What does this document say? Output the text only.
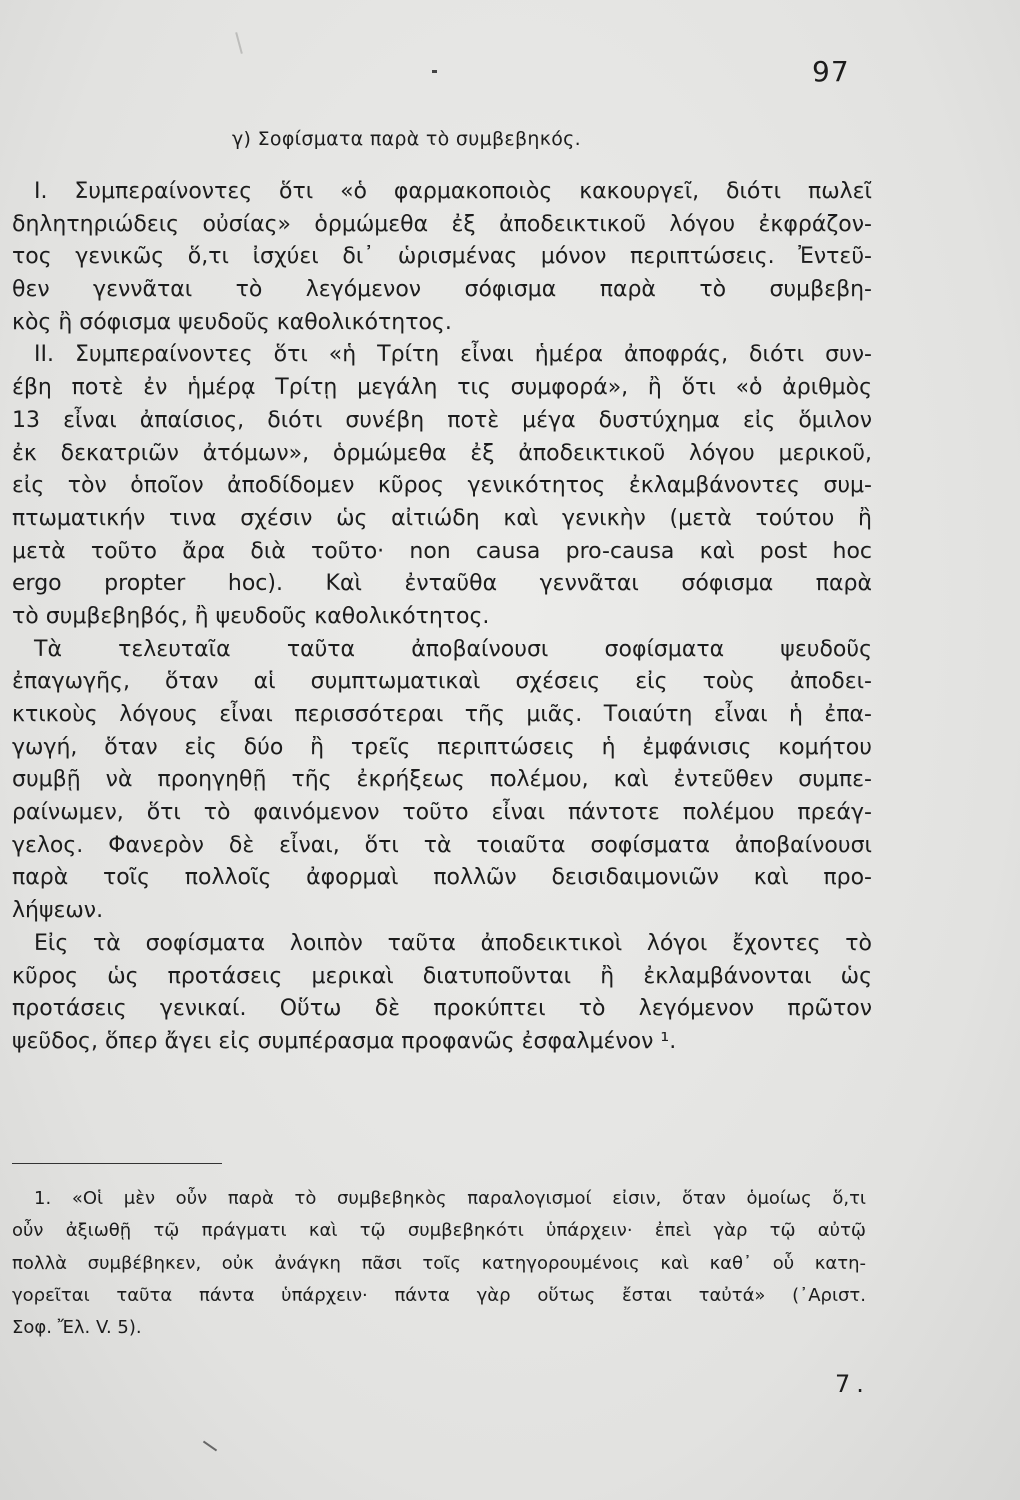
97
γ) Σοφίσματα παρὰ τὸ συμβεβηκός.
I. Συμπεραίνοντες ὅτι «ὁ φαρμακοποιὸς κακουργεῖ, διότι πωλεῖ
δηλητηριώδεις οὐσίας» ὁρμώμεθα ἐξ ἀποδεικτικοῦ λόγου ἐκφράζον-
τος γενικῶς ὅ,τι ἰσχύει δι᾽ ὡρισμένας μόνον περιπτώσεις. Ἐντεῦ-
θεν γεννᾶται τὸ λεγόμενον σόφισμα παρὰ τὸ συμβεβη-
κὸς ἢ σόφισμα ψευδοῦς καθολικότητος.
II. Συμπεραίνοντες ὅτι «ἡ Τρίτη εἶναι ἡμέρα ἀποφράς, διότι συν-
έβη ποτὲ ἐν ἡμέρᾳ Τρίτῃ μεγάλη τις συμφορά», ἢ ὅτι «ὁ ἀριθμὸς
13 εἶναι ἀπαίσιος, διότι συνέβη ποτὲ μέγα δυστύχημα εἰς ὅμιλον
ἐκ δεκατριῶν ἀτόμων», ὁρμώμεθα ἐξ ἀποδεικτικοῦ λόγου μερικοῦ,
εἰς τὸν ὁποῖον ἀποδίδομεν κῦρος γενικότητος ἐκλαμβάνοντες συμ-
πτωματικήν τινα σχέσιν ὡς αἰτιώδη καὶ γενικὴν (μετὰ τούτου ἢ
μετὰ τοῦτο ἄρα διὰ τοῦτο· non causa pro-causa καὶ post hoc
ergo propter hoc). Καὶ ἐνταῦθα γεννᾶται σόφισμα παρὰ
τὸ συμβεβηβός, ἢ ψευδοῦς καθολικότητος.
Τὰ τελευταῖα ταῦτα ἀποβαίνουσι σοφίσματα ψευδοῦς
ἐπαγωγῆς, ὅταν αἱ συμπτωματικαὶ σχέσεις εἰς τοὺς ἀποδει-
κτικοὺς λόγους εἶναι περισσότεραι τῆς μιᾶς. Τοιαύτη εἶναι ἡ ἐπα-
γωγή, ὅταν εἰς δύο ἢ τρεῖς περιπτώσεις ἡ ἐμφάνισις κομήτου
συμβῇ νὰ προηγηθῇ τῆς ἐκρήξεως πολέμου, καὶ ἐντεῦθεν συμπε-
ραίνωμεν, ὅτι τὸ φαινόμενον τοῦτο εἶναι πάντοτε πολέμου πρεάγ-
γελος. Φανερὸν δὲ εἶναι, ὅτι τὰ τοιαῦτα σοφίσματα ἀποβαίνουσι
παρὰ τοῖς πολλοῖς ἀφορμαὶ πολλῶν δεισιδαιμονιῶν καὶ προ-
λήψεων.
Εἰς τὰ σοφίσματα λοιπὸν ταῦτα ἀποδεικτικοὶ λόγοι ἔχοντες τὸ
κῦρος ὡς προτάσεις μερικαὶ διατυποῦνται ἢ ἐκλαμβάνονται ὡς
προτάσεις γενικαί. Οὕτω δὲ προκύπτει τὸ λεγόμενον πρῶτον
ψεῦδος, ὅπερ ἄγει εἰς συμπέρασμα προφανῶς ἐσφαλμένον ¹.
1. «Οἱ μὲν οὖν παρὰ τὸ συμβεβηκὸς παραλογισμοί εἰσιν, ὅταν ὁμοίως ὅ,τι
οὖν ἀξιωθῇ τῷ πράγματι καὶ τῷ συμβεβηκότι ὑπάρχειν· ἐπεὶ γὰρ τῷ αὐτῷ
πολλὰ συμβέβηκεν, οὐκ ἀνάγκη πᾶσι τοῖς κατηγορουμένοις καὶ καθ᾽ οὗ κατη-
γορεῖται ταῦτα πάντα ὑπάρχειν· πάντα γὰρ οὕτως ἔσται ταὐτά» (᾽Αριστ.
Σοφ. Ἔλ. V. 5).
7.
